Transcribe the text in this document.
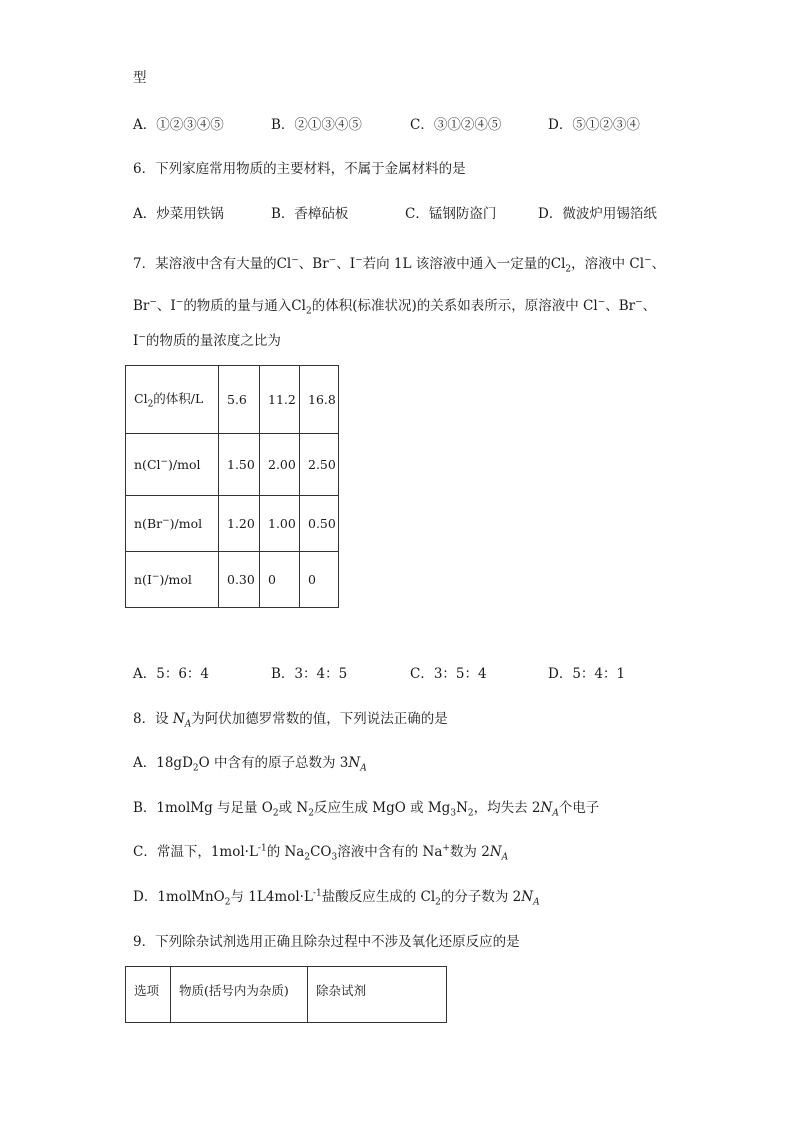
型
A．①②③④⑤	B．②①③④⑤	C．③①②④⑤	D．⑤①②③④
6．下列家庭常用物质的主要材料，不属于金属材料的是
A．炒菜用铁锅	B．香樟砧板	C．锰钢防盗门	D．微波炉用锡箔纸
7．某溶液中含有大量的Cl−、Br−、I−若向 1L 该溶液中通入一定量的$Cl_2$，溶液中 Cl−、
Br−、I−的物质的量与通入$Cl_2$的体积(标准状况)的关系如表所示，原溶液中 Cl−、Br−、
I−的物质的量浓度之比为
$Cl_2$的体积/L	5.6	11.2	16.8
n(Cl−)/mol	1.50	2.00	2.50
n(Br−)/mol	1.20	1.00	0.50
n(I−)/mol	0.30	0	0
A．5：6：4	B．3：4：5	C．3：5：4	D．5：4：1
8．设 $N_A$为阿伏加德罗常数的值，下列说法正确的是
A．$18gD_2O$ 中含有的原子总数为 $3N_A$
B．1molMg 与足量 $O_2$或 $N_2$反应生成 MgO 或 $Mg_3N_2$，均失去 $2N_A$个电子
C．常温下，$1mol\cdot L^{-1}$的 $Na_2CO_3$溶液中含有的 Na+数为 $2N_A$
D．1molMnO$_2$与 $1L4mol\cdot L^{-1}$盐酸反应生成的 $Cl_2$的分子数为 $2N_A$
9．下列除杂试剂选用正确且除杂过程中不涉及氧化还原反应的是
选项	物质(括号内为杂质)	除杂试剂
